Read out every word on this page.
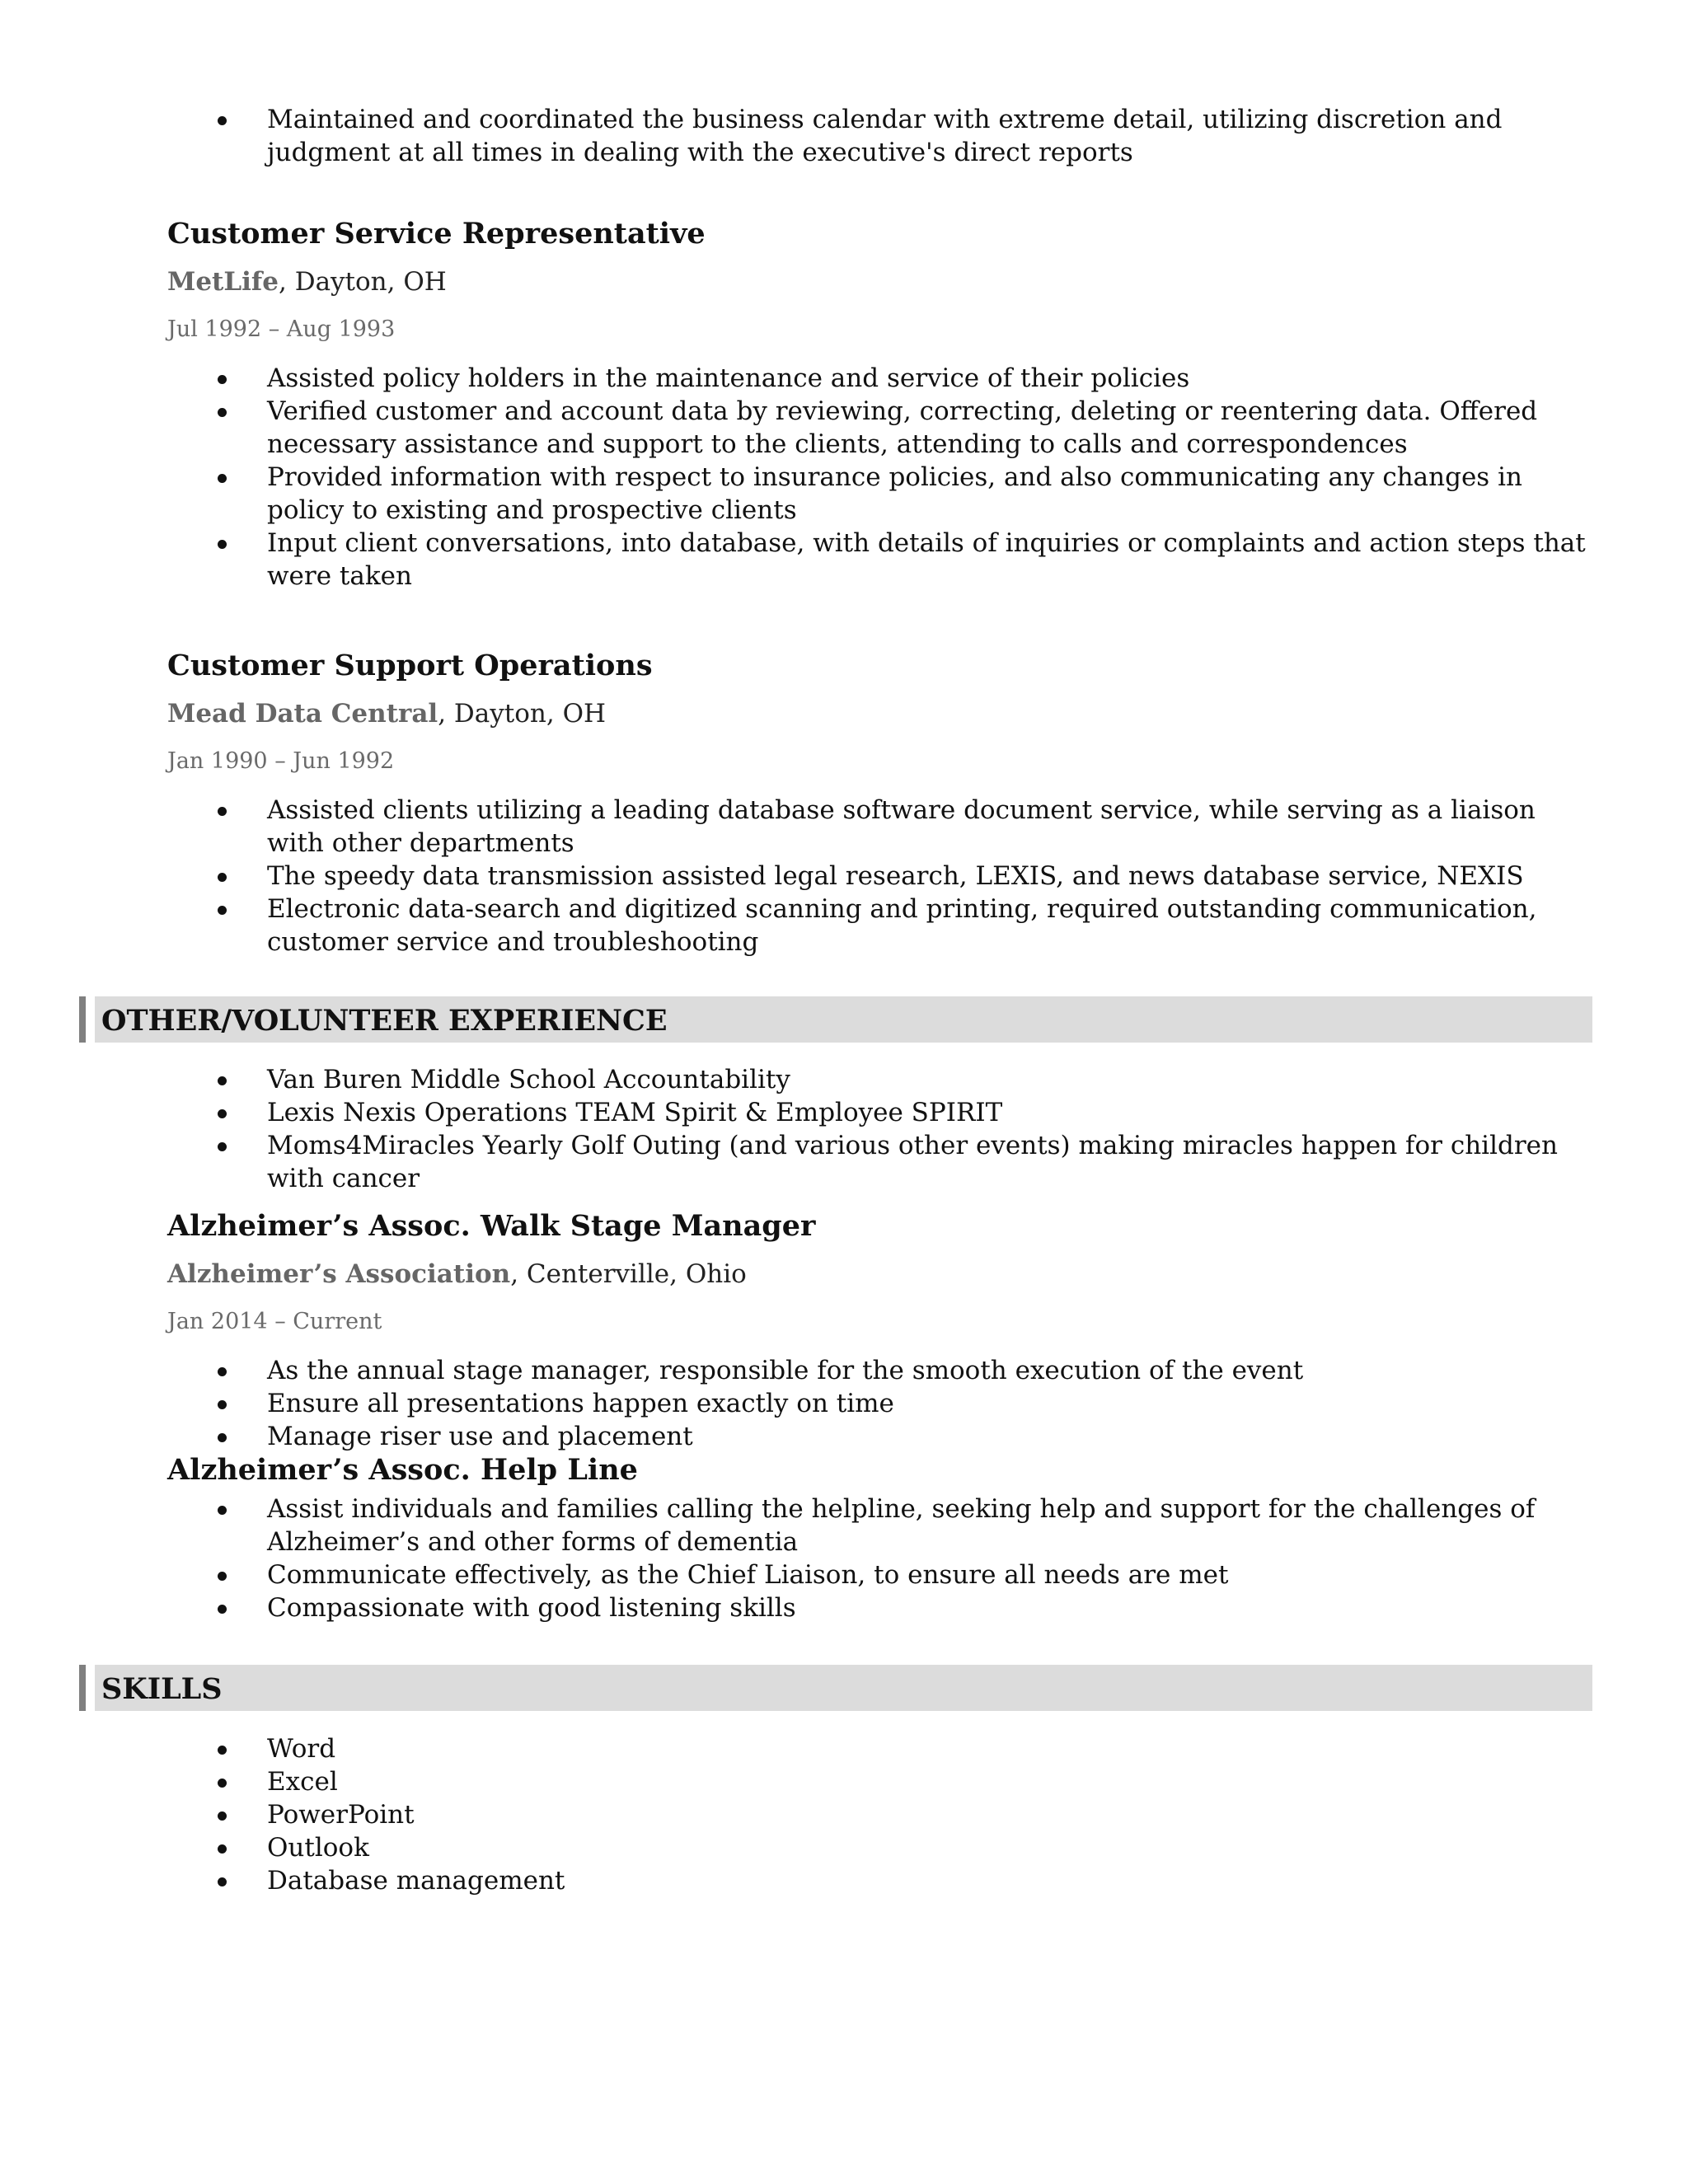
Maintained and coordinated the business calendar with extreme detail, utilizing discretion and judgment at all times in dealing with the executive's direct reports
Customer Service Representative
MetLife, Dayton, OH
Jul 1992 – Aug 1993
Assisted policy holders in the maintenance and service of their policies
Verified customer and account data by reviewing, correcting, deleting or reentering data. Offered necessary assistance and support to the clients, attending to calls and correspondences
Provided information with respect to insurance policies, and also communicating any changes in policy to existing and prospective clients
Input client conversations, into database, with details of inquiries or complaints and action steps that were taken
Customer Support Operations
Mead Data Central, Dayton, OH
Jan 1990 – Jun 1992
Assisted clients utilizing a leading database software document service, while serving as a liaison with other departments
The speedy data transmission assisted legal research, LEXIS, and news database service, NEXIS
Electronic data-search and digitized scanning and printing, required outstanding communication, customer service and troubleshooting
OTHER/VOLUNTEER EXPERIENCE
Van Buren Middle School Accountability
Lexis Nexis Operations TEAM Spirit & Employee SPIRIT
Moms4Miracles Yearly Golf Outing (and various other events) making miracles happen for children with cancer
Alzheimer’s Assoc. Walk Stage Manager
Alzheimer’s Association, Centerville, Ohio
Jan 2014 – Current
As the annual stage manager, responsible for the smooth execution of the event
Ensure all presentations happen exactly on time
Manage riser use and placement
Alzheimer’s Assoc. Help Line
Assist individuals and families calling the helpline, seeking help and support for the challenges of Alzheimer’s and other forms of dementia
Communicate effectively, as the Chief Liaison, to ensure all needs are met
Compassionate with good listening skills
SKILLS
Word
Excel
PowerPoint
Outlook
Database management
